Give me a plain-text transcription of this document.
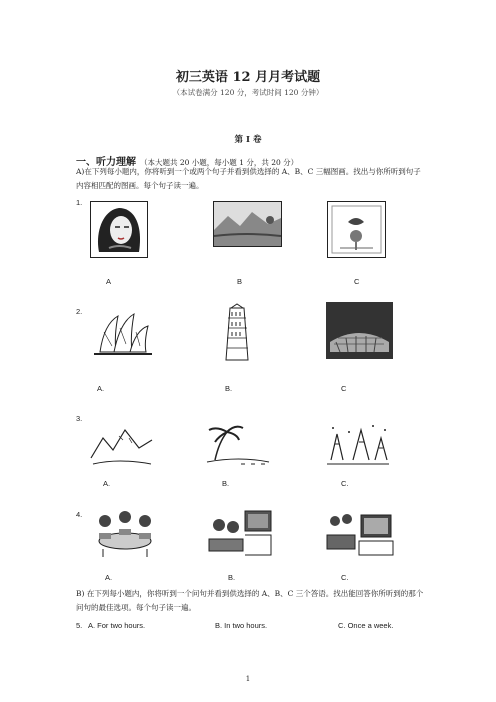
初三英语 12 月月考试题
（本试卷满分 120 分，考试时间 120 分钟）
第 I 卷
一、听力理解 （本大题共 20 小题，每小题 1 分，共 20 分）
A)在下列每小题内，你将听到一个或两个句子并看到供选择的 A、B、C 三幅图画。找出与你所听到句子内容相匹配的图画。每个句子读一遍。
1.
A	B	C
2.
A.	B.	C
3.
A.	B.	C.
4.
A.	B.	C.
B) 在下列每小题内，你将听到一个问句并看到供选择的 A、B、C 三个答语。找出能回答你所听到的那个问句的最佳选项。每个句子读一遍。
5. A. For two hours.	B. In two hours.	C. Once a week.
1
